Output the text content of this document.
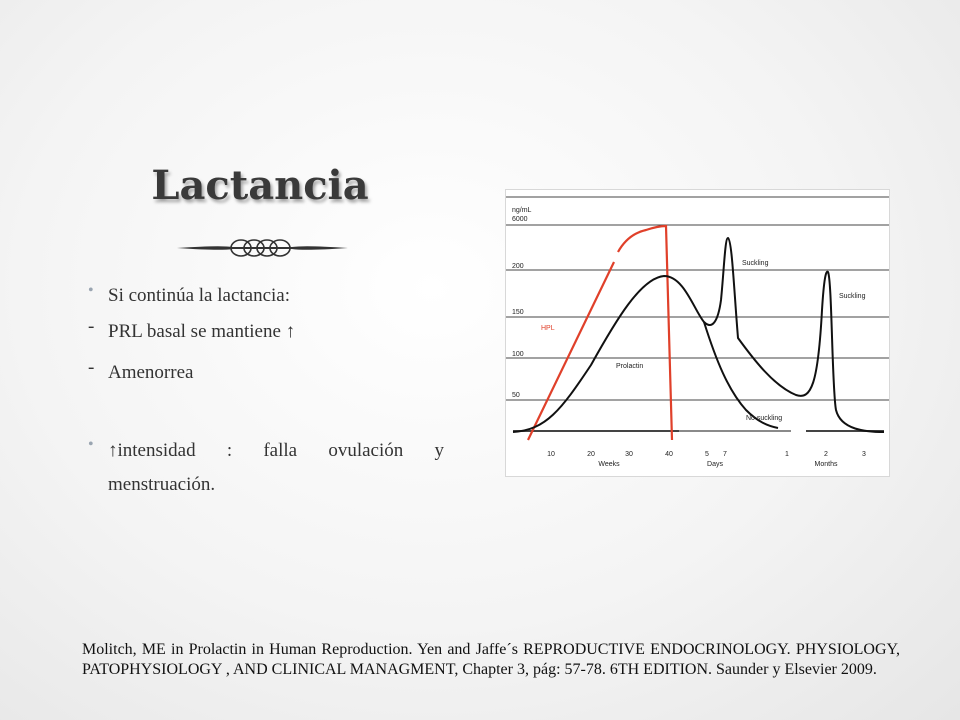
Lactancia
• Si continúa la lactancia:
- PRL basal se mantiene ↑
- Amenorrea
• ↑intensidad : falla ovulación y menstruación.
ng/mL
6000
200
150
100
50
10	20	30	40	5 7	1	2	3
Weeks	Days	Months
HPL
Prolactin
Suckling
Suckling
No suckling

Molitch, ME in Prolactin in Human Reproduction. Yen and Jaffe´s REPRODUCTIVE ENDOCRINOLOGY. PHYSIOLOGY, PATOPHYSIOLOGY , AND CLINICAL MANAGMENT, Chapter 3, pág: 57-78. 6TH EDITION. Saunder y Elsevier 2009.
